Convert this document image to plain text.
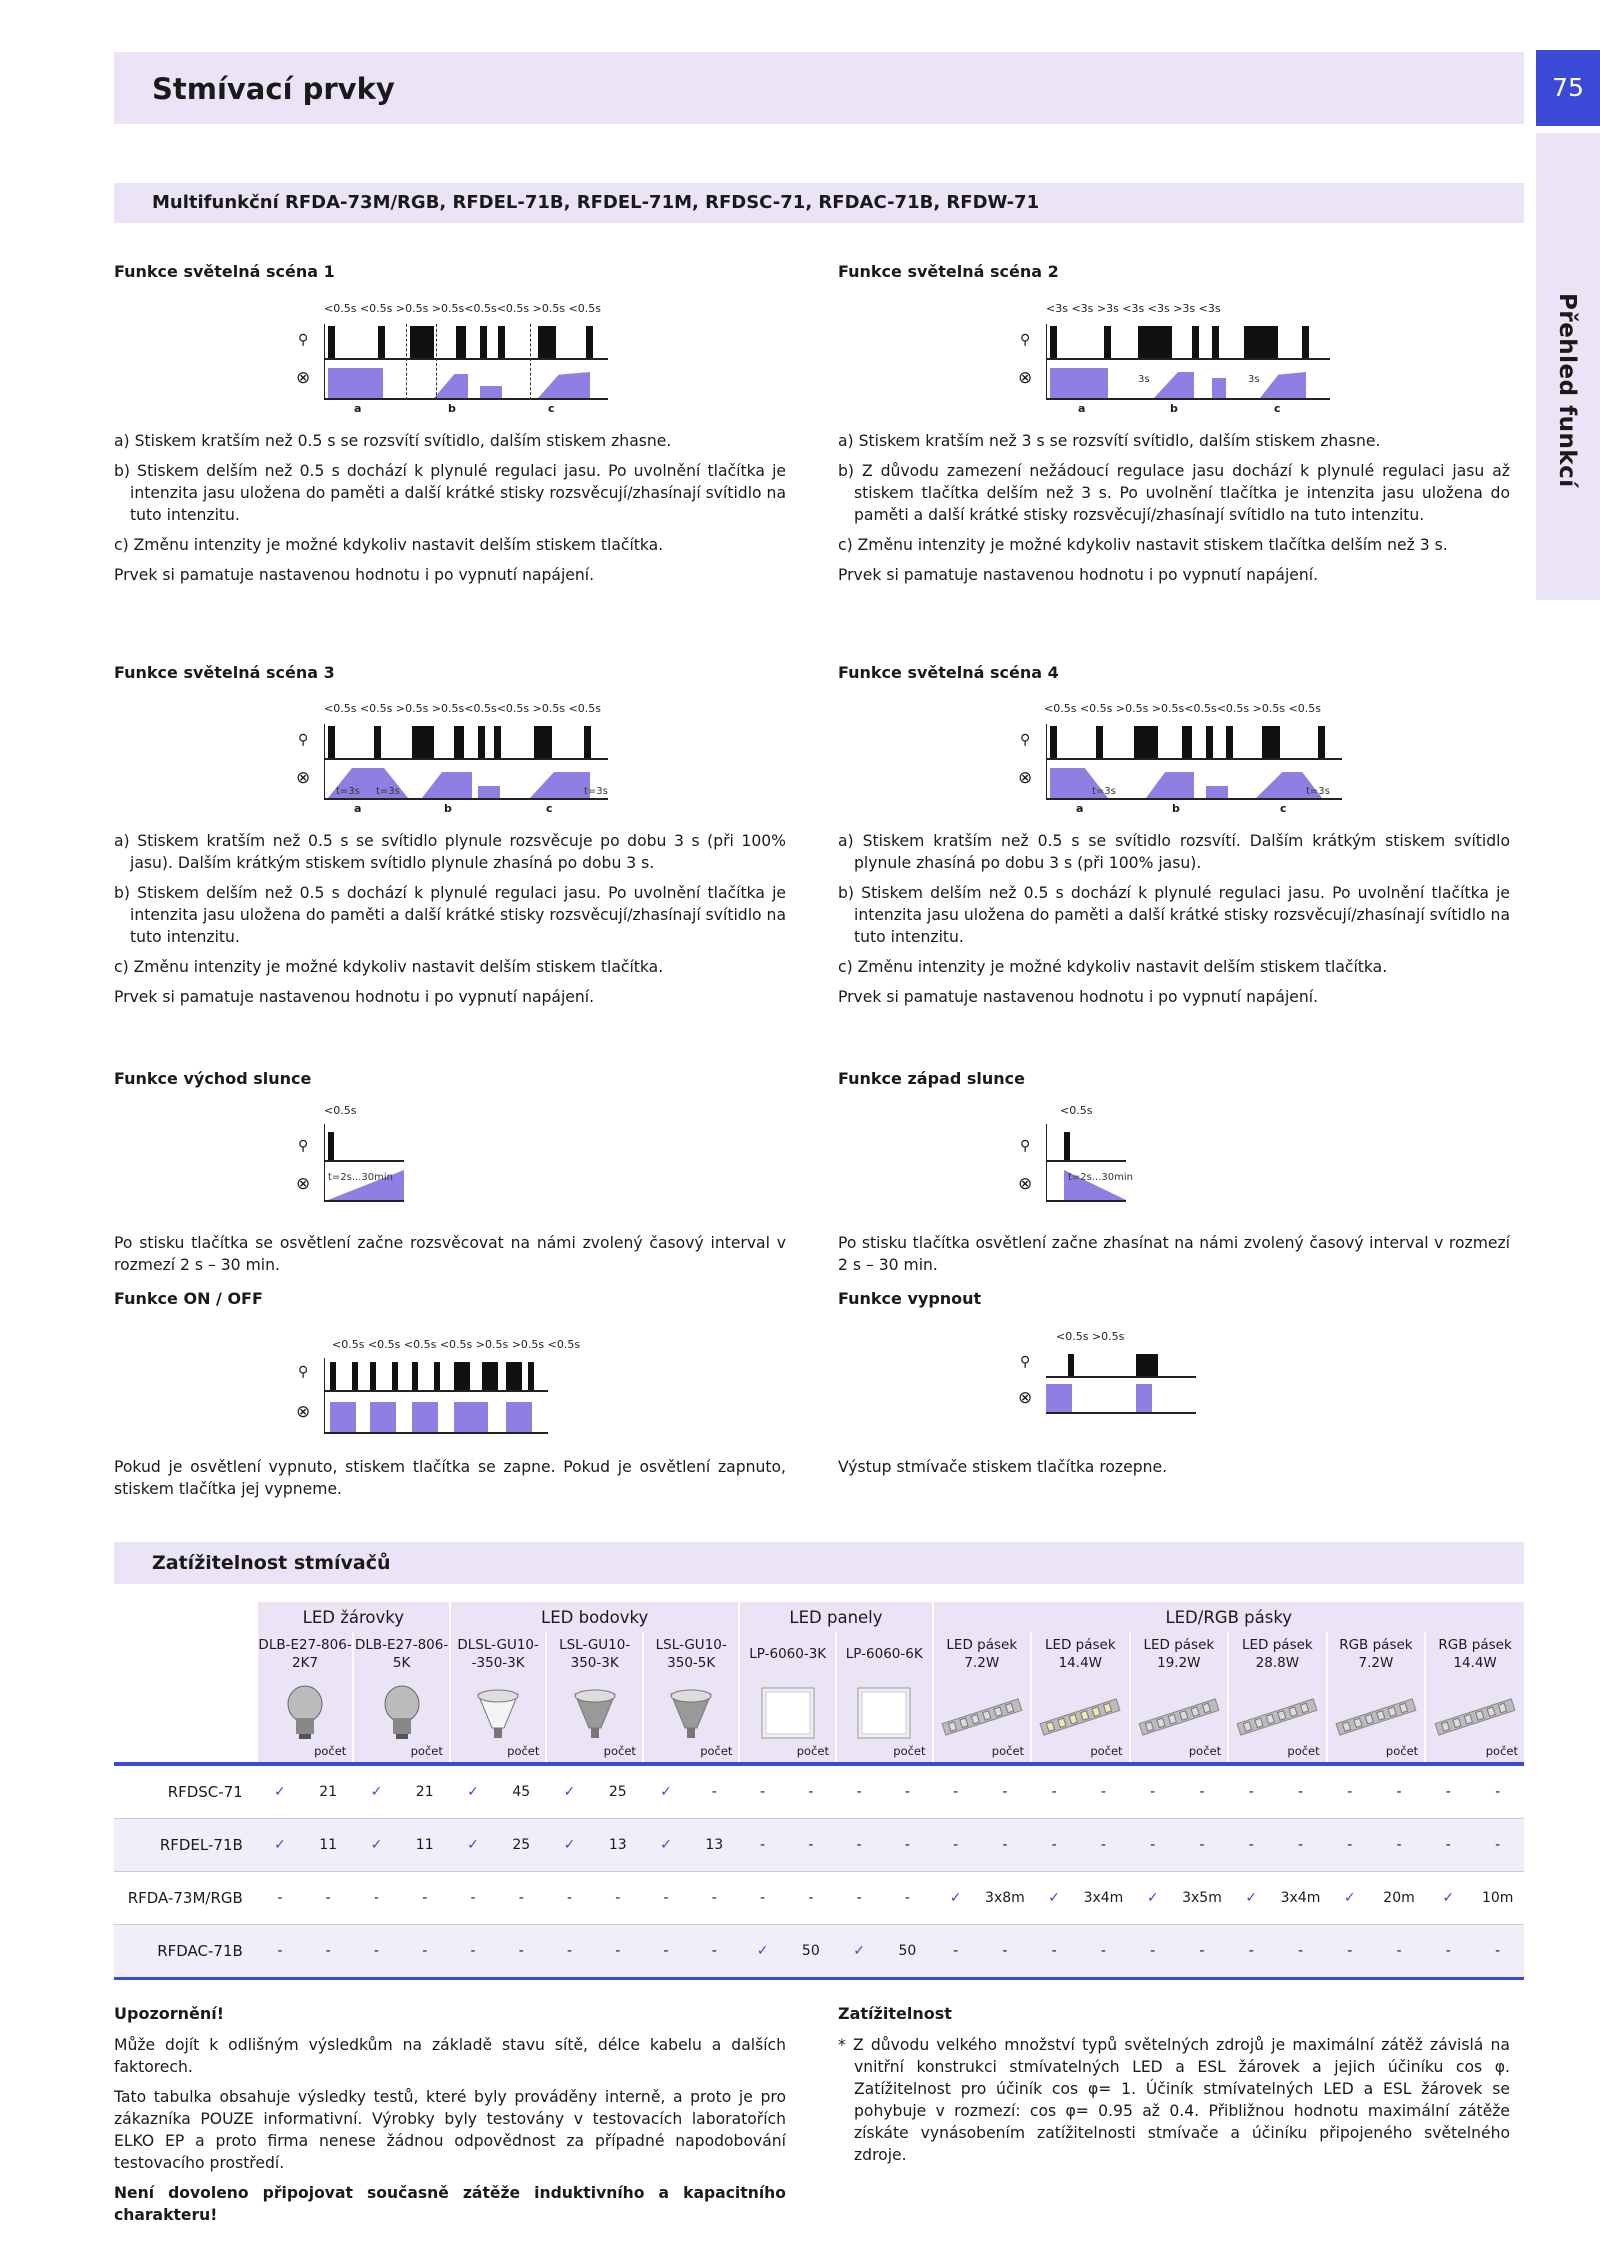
Stmívací prvky	75
Přehled funkcí
Multifunkční RFDA-73M/RGB, RFDEL-71B, RFDEL-71M, RFDSC-71, RFDAC-71B, RFDW-71
Funkce světelná scéna 1
<0.5s <0.5s >0.5s >0.5s<0.5s<0.5s >0.5s <0.5s
⚲
⊗
a	b	c

a) Stiskem kratším než 0.5 s se rozsvítí svítidlo, dalším stiskem zhasne.

b) Stiskem delším než 0.5 s dochází k plynulé regulaci jasu. Po uvolnění tlačítka je intenzita jasu uložena do paměti a další krátké stisky rozsvěcují/zhasínají svítidlo na tuto intenzitu.

c) Změnu intenzity je možné kdykoliv nastavit delším stiskem tlačítka.

Prvek si pamatuje nastavenou hodnotu i po vypnutí napájení.

Funkce světelná scéna 2
<3s <3s >3s <3s <3s >3s <3s
⚲
⊗	3s	3s
a	b	c

a) Stiskem kratším než 3 s se rozsvítí svítidlo, dalším stiskem zhasne.

b) Z důvodu zamezení nežádoucí regulace jasu dochází k plynulé regulaci jasu až stiskem tlačítka delším než 3 s. Po uvolnění tlačítka je intenzita jasu uložena do paměti a další krátké stisky rozsvěcují/zhasínají svítidlo na tuto intenzitu.

c) Změnu intenzity je možné kdykoliv nastavit stiskem tlačítka delším než 3 s.

Prvek si pamatuje nastavenou hodnotu i po vypnutí napájení.

Funkce světelná scéna 3
<0.5s <0.5s >0.5s >0.5s<0.5s<0.5s >0.5s <0.5s
⚲
⊗
t=3s t=3s	t=3s
a	b	c

a) Stiskem kratším než 0.5 s se svítidlo plynule rozsvěcuje po dobu 3 s (při 100% jasu). Dalším krátkým stiskem svítidlo plynule zhasíná po dobu 3 s.

b) Stiskem delším než 0.5 s dochází k plynulé regulaci jasu. Po uvolnění tlačítka je intenzita jasu uložena do paměti a další krátké stisky rozsvěcují/zhasínají svítidlo na tuto intenzitu.

c) Změnu intenzity je možné kdykoliv nastavit delším stiskem tlačítka.

Prvek si pamatuje nastavenou hodnotu i po vypnutí napájení.

Funkce světelná scéna 4
<0.5s <0.5s >0.5s >0.5s<0.5s<0.5s >0.5s <0.5s
⚲
⊗
t=3s	t=3s
a	b	c

a) Stiskem kratším než 0.5 s se svítidlo rozsvítí. Dalším krátkým stiskem svítidlo plynule zhasíná po dobu 3 s (při 100% jasu).

b) Stiskem delším než 0.5 s dochází k plynulé regulaci jasu. Po uvolnění tlačítka je intenzita jasu uložena do paměti a další krátké stisky rozsvěcují/zhasínají svítidlo na tuto intenzitu.

c) Změnu intenzity je možné kdykoliv nastavit delším stiskem tlačítka.

Prvek si pamatuje nastavenou hodnotu i po vypnutí napájení.

Funkce východ slunce
<0.5s
⚲
⊗ t=2s...30min
Po stisku tlačítka se osvětlení začne rozsvěcovat na námi zvolený časový interval v rozmezí 2 s – 30 min.
Funkce západ slunce
<0.5s
⚲
⊗	t=2s...30min
Po stisku tlačítka osvětlení začne zhasínat na námi zvolený časový interval v rozmezí 2 s – 30 min.
Funkce ON / OFF
<0.5s <0.5s <0.5s <0.5s >0.5s >0.5s <0.5s
⚲
⊗
Pokud je osvětlení vypnuto, stiskem tlačítka se zapne. Pokud je osvětlení zapnuto, stiskem tlačítka jej vypneme.
Funkce vypnout
<0.5s >0.5s
⚲
⊗
Výstup stmívače stiskem tlačítka rozepne.
Zatížitelnost stmívačů
	LED žárovky				LED bodovky						LED panely				LED/RGB pásky											
	DLB-E27-806-2K7		DLB-E27-806-5K		DLSL-GU10--350-3K		LSL-GU10-350-3K		LSL-GU10-350-5K		LP-6060-3K		LP-6060-6K		LED pásek 7.2W		LED pásek 14.4W		LED pásek 19.2W		LED pásek 28.8W		RGB pásek 7.2W		RGB pásek 14.4W	

	počet		počet		počet		počet		počet		počet		počet		počet		počet		počet		počet		počet		počet	

RFDSC-71	✓	21	✓	21	✓	45	✓	25	✓	-	-	-	-	-	-	-	-	-	-	-	-	-	-	-	-	-
RFDEL-71B	✓	11	✓	11	✓	25	✓	13	✓	13	-	-	-	-	-	-	-	-	-	-	-	-	-	-	-	-
RFDA-73M/RGB	-	-	-	-	-	-	-	-	-	-	-	-	-	-	✓	3x8m	✓	3x4m	✓	3x5m	✓	3x4m	✓	20m	✓	10m
RFDAC-71B	-	-	-	-	-	-	-	-	-	-	✓	50	✓	50	-	-	-	-	-	-	-	-	-	-	-	-
Upozornění!

Může dojít k odlišným výsledkům na základě stavu sítě, délce kabelu a dalších faktorech.

Tato tabulka obsahuje výsledky testů, které byly prováděny interně, a proto je pro zákazníka POUZE informativní. Výrobky byly testovány v testovacích laboratořích ELKO EP a proto firma nenese žádnou odpovědnost za případné napodobování testovacího prostředí.

Není dovoleno připojovat současně zátěže induktivního a kapacitního charakteru!

Zatížitelnost

* Z důvodu velkého množství typů světelných zdrojů je maximální zátěž závislá na vnitřní konstrukci stmívatelných LED a ESL žárovek a jejich účiníku cos φ. Zatížitelnost pro účiník cos φ= 1. Účiník stmívatelných LED a ESL žárovek se pohybuje v rozmezí: cos φ= 0.95 až 0.4. Přibližnou hodnotu maximální zátěže získáte vynásobením zatížitelnosti stmívače a účiníku připojeného světelného zdroje.
